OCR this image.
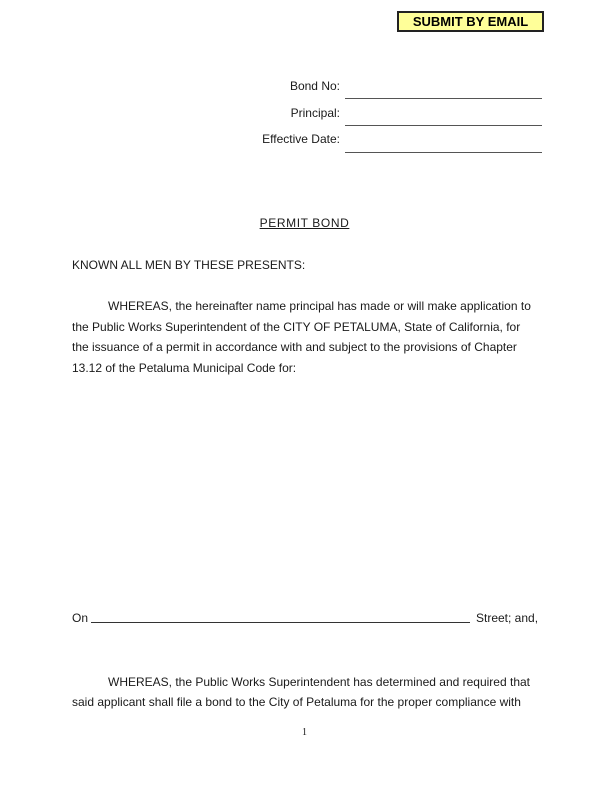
SUBMIT BY EMAIL
Bond No:
Principal:
Effective Date:
PERMIT BOND
KNOWN ALL MEN BY THESE PRESENTS:
WHEREAS, the hereinafter name principal has made or will make application to
the Public Works Superintendent of the CITY OF PETALUMA, State of California, for
the issuance of a permit in accordance with and subject to the provisions of Chapter
13.12 of the Petaluma Municipal Code for:
On	Street; and,
WHEREAS, the Public Works Superintendent has determined and required that
said applicant shall file a bond to the City of Petaluma for the proper compliance with
1
